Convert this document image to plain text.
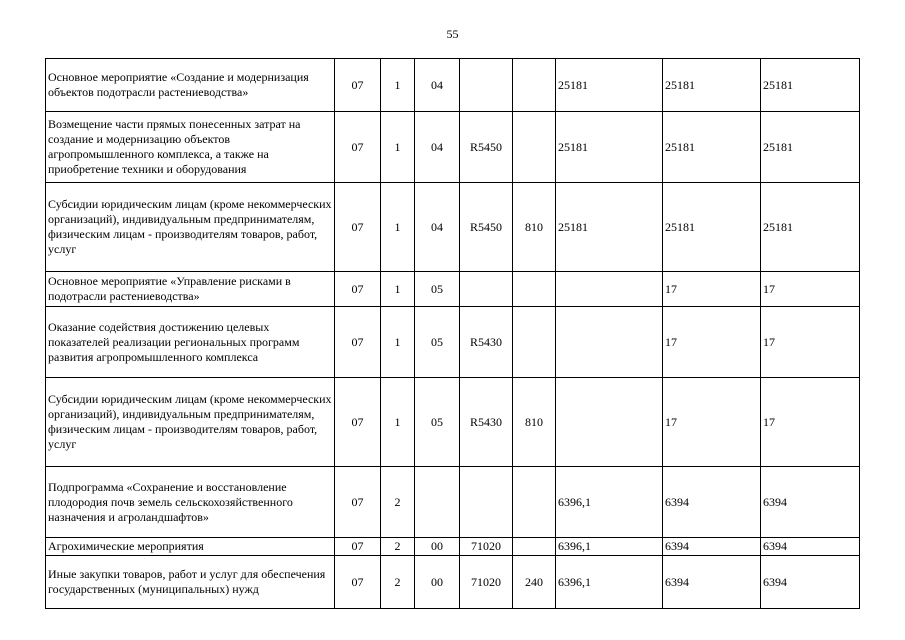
55
Основное мероприятие «Создание и модернизация объектов подотрасли растениеводства»	07	1	04			25181	25181	25181
Возмещение части прямых понесенных затрат на создание и модернизацию объектов агропромышленного комплекса, а также на приобретение техники и оборудования	07	1	04	R5450		25181	25181	25181
Субсидии юридическим лицам (кроме некоммерческих организаций), индивидуальным предпринимателям, физическим лицам - производителям товаров, работ, услуг	07	1	04	R5450	810	25181	25181	25181
Основное мероприятие «Управление рисками в подотрасли растениеводства»	07	1	05				17	17
Оказание содействия достижению целевых показателей реализации региональных программ развития агропромышленного комплекса	07	1	05	R5430			17	17
Субсидии юридическим лицам (кроме некоммерческих организаций), индивидуальным предпринимателям, физическим лицам - производителям товаров, работ, услуг	07	1	05	R5430	810		17	17
Подпрограмма «Сохранение и восстановление плодородия почв земель сельскохозяйственного назначения и агроландшафтов»	07	2				6396,1	6394	6394
Агрохимические мероприятия	07	2	00	71020		6396,1	6394	6394
Иные закупки товаров, работ и услуг для обеспечения государственных (муниципальных) нужд	07	2	00	71020	240	6396,1	6394	6394
